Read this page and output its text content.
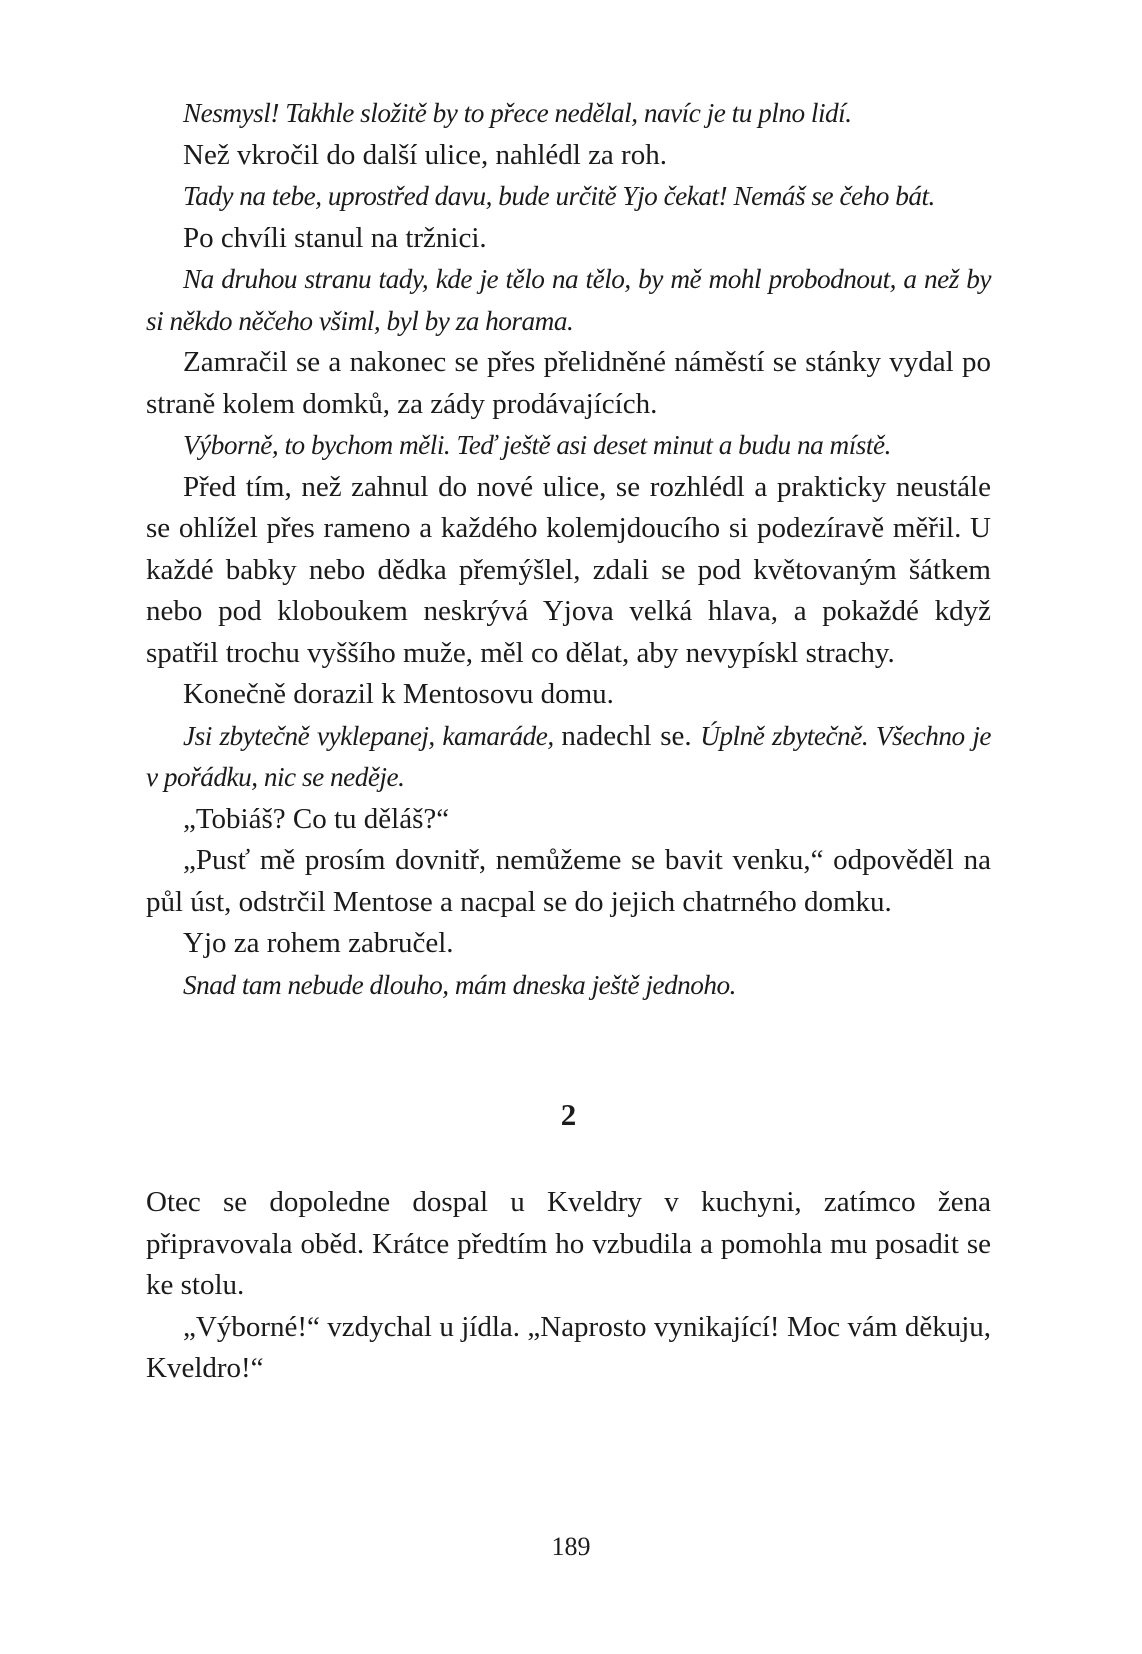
Nesmysl! Takhle složitě by to přece nedělal, navíc je tu plno lidí.

Než vkročil do další ulice, nahlédl za roh.

Tady na tebe, uprostřed davu, bude určitě Yjo čekat! Nemáš se čeho bát.

Po chvíli stanul na tržnici.

Na druhou stranu tady, kde je tělo na tělo, by mě mohl probodnout, a než by si někdo něčeho všiml, byl by za horama.

Zamračil se a nakonec se přes přelidněné náměstí se stánky vydal po straně kolem domků, za zády prodávajících.

Výborně, to bychom měli. Teď ještě asi deset minut a budu na místě.

Před tím, než zahnul do nové ulice, se rozhlédl a prakticky neustále se ohlížel přes rameno a každého kolemjdoucího si podezíravě měřil. U každé babky nebo dědka přemýšlel, zdali se pod květovaným šátkem nebo pod kloboukem neskrývá Yjova velká hlava, a pokaždé když spatřil trochu vyššího muže, měl co dělat, aby nevypískl strachy.

Konečně dorazil k Mentosovu domu.

Jsi zbytečně vyklepanej, kamaráde, nadechl se. Úplně zbytečně. Všechno je v pořádku, nic se neděje.

„Tobiáš? Co tu děláš?“

„Pusť mě prosím dovnitř, nemůžeme se bavit venku,“ odpověděl na půl úst, odstrčil Mentose a nacpal se do jejich chatrného domku.

Yjo za rohem zabručel.

Snad tam nebude dlouho, mám dneska ještě jednoho.

2

Otec se dopoledne dospal u Kveldry v kuchyni, zatímco žena připravovala oběd. Krátce předtím ho vzbudila a pomohla mu posadit se ke stolu.

„Výborné!“ vzdychal u jídla. „Naprosto vynikající! Moc vám děkuju, Kveldro!“

189
